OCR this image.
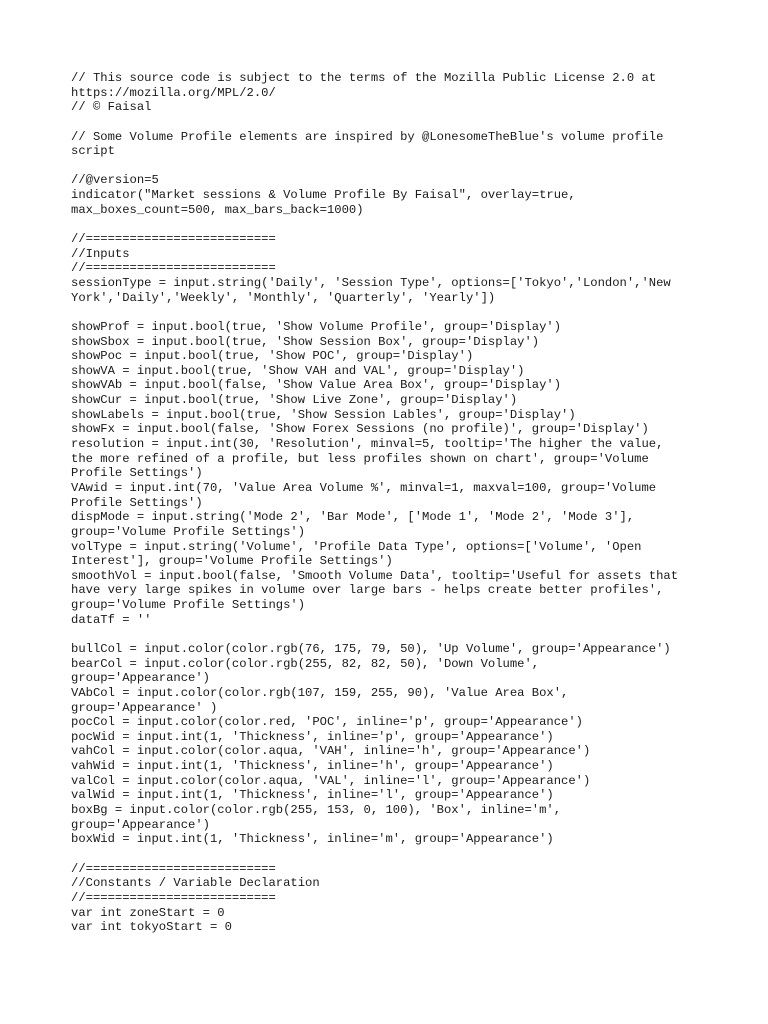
// This source code is subject to the terms of the Mozilla Public License 2.0 at
https://mozilla.org/MPL/2.0/
// © Faisal
// Some Volume Profile elements are inspired by @LonesomeTheBlue's volume profile
script
//@version=5
indicator("Market sessions & Volume Profile By Faisal", overlay=true,
max_boxes_count=500, max_bars_back=1000)
//==========================
//Inputs
//==========================
sessionType = input.string('Daily', 'Session Type', options=['Tokyo','London','New
York','Daily','Weekly', 'Monthly', 'Quarterly', 'Yearly'])
showProf = input.bool(true, 'Show Volume Profile', group='Display')
showSbox = input.bool(true, 'Show Session Box', group='Display')
showPoc = input.bool(true, 'Show POC', group='Display')
showVA = input.bool(true, 'Show VAH and VAL', group='Display')
showVAb = input.bool(false, 'Show Value Area Box', group='Display')
showCur = input.bool(true, 'Show Live Zone', group='Display')
showLabels = input.bool(true, 'Show Session Lables', group='Display')
showFx = input.bool(false, 'Show Forex Sessions (no profile)', group='Display')
resolution = input.int(30, 'Resolution', minval=5, tooltip='The higher the value,
the more refined of a profile, but less profiles shown on chart', group='Volume
Profile Settings')
VAwid = input.int(70, 'Value Area Volume %', minval=1, maxval=100, group='Volume
Profile Settings')
dispMode = input.string('Mode 2', 'Bar Mode', ['Mode 1', 'Mode 2', 'Mode 3'],
group='Volume Profile Settings')
volType = input.string('Volume', 'Profile Data Type', options=['Volume', 'Open
Interest'], group='Volume Profile Settings')
smoothVol = input.bool(false, 'Smooth Volume Data', tooltip='Useful for assets that
have very large spikes in volume over large bars - helps create better profiles',
group='Volume Profile Settings')
dataTf = ''
bullCol = input.color(color.rgb(76, 175, 79, 50), 'Up Volume', group='Appearance')
bearCol = input.color(color.rgb(255, 82, 82, 50), 'Down Volume',
group='Appearance')
VAbCol = input.color(color.rgb(107, 159, 255, 90), 'Value Area Box',
group='Appearance' )
pocCol = input.color(color.red, 'POC', inline='p', group='Appearance')
pocWid = input.int(1, 'Thickness', inline='p', group='Appearance')
vahCol = input.color(color.aqua, 'VAH', inline='h', group='Appearance')
vahWid = input.int(1, 'Thickness', inline='h', group='Appearance')
valCol = input.color(color.aqua, 'VAL', inline='l', group='Appearance')
valWid = input.int(1, 'Thickness', inline='l', group='Appearance')
boxBg = input.color(color.rgb(255, 153, 0, 100), 'Box', inline='m',
group='Appearance')
boxWid = input.int(1, 'Thickness', inline='m', group='Appearance')
//==========================
//Constants / Variable Declaration
//==========================
var int zoneStart = 0
var int tokyoStart = 0
